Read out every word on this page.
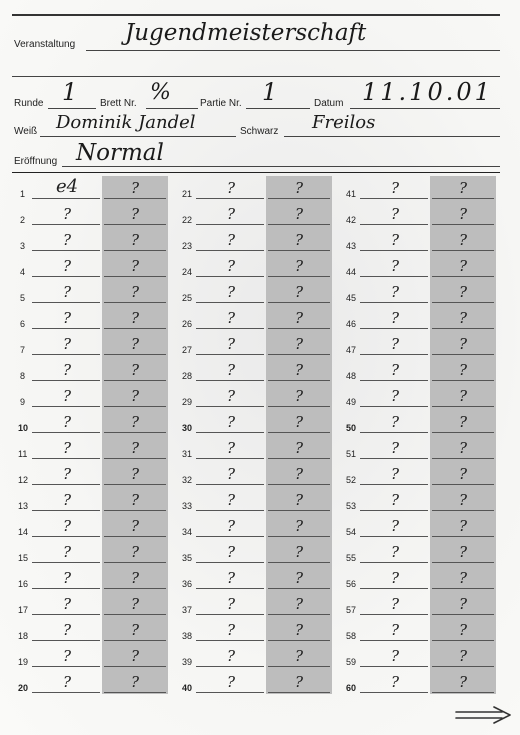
Veranstaltung Jugendmeisterschaft
Runde 1 Brett Nr. %	Partie Nr. 1	Datum 11.10.01
Weiß Dominik Jandel	Schwarz Freilos
Eröffnung Normal
1	e4	?
2	?	?
3	?	?
4	?	?
5	?	?
6	?	?
7	?	?
8	?	?
9	?	?
10	?	?
11	?	?
12	?	?
13	?	?
14	?	?
15	?	?
16	?	?
17	?	?
18	?	?
19	?	?
20	?	?
21	?	?
22	?	?
23	?	?
24	?	?
25	?	?
26	?	?
27	?	?
28	?	?
29	?	?
30	?	?
31	?	?
32	?	?
33	?	?
34	?	?
35	?	?
36	?	?
37	?	?
38	?	?
39	?	?
40	?	?
41	?	?
42	?	?
43	?	?
44	?	?
45	?	?
46	?	?
47	?	?
48	?	?
49	?	?
50	?	?
51	?	?
52	?	?
53	?	?
54	?	?
55	?	?
56	?	?
57	?	?
58	?	?
59	?	?
60	?	?
